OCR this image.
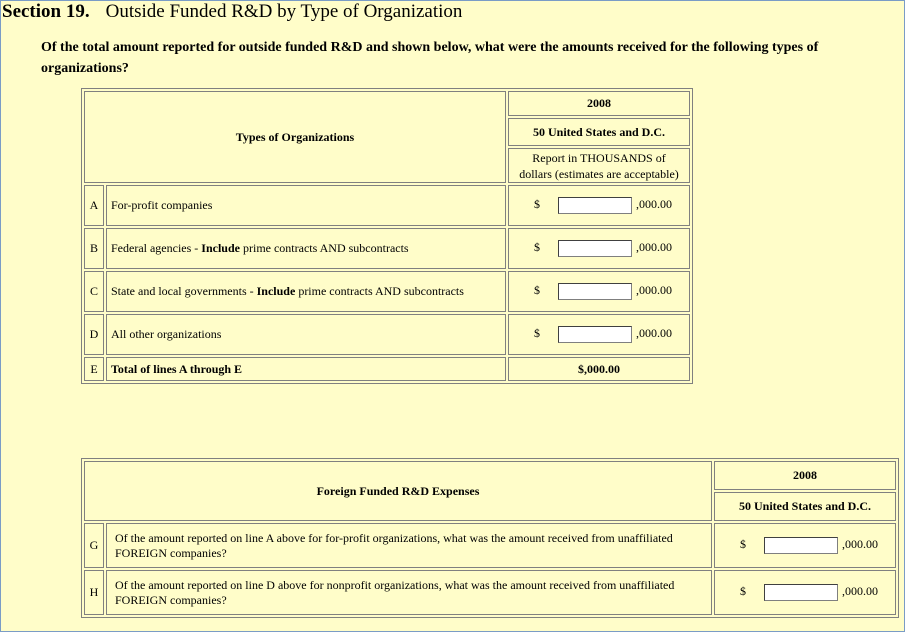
Section 19. Outside Funded R&D by Type of Organization
Of the total amount reported for outside funded R&D and shown below, what were the amounts received for the following types of organizations?
Types of Organizations		2008
		50 United States and D.C.
		Report in THOUSANDS of dollars (estimates are acceptable)
A	For-profit companies	$ ,000.00
B	Federal agencies - Include prime contracts AND subcontracts	$ ,000.00
C	State and local governments - Include prime contracts AND subcontracts	$ ,000.00
D	All other organizations	$ ,000.00
E	Total of lines A through E	$,000.00
Foreign Funded R&D Expenses		2008
		50 United States and D.C.
G	Of the amount reported on line A above for for-profit organizations, what was the amount received from unaffiliated FOREIGN companies?	$ ,000.00
H	Of the amount reported on line D above for nonprofit organizations, what was the amount received from unaffiliated FOREIGN companies?	$ ,000.00
